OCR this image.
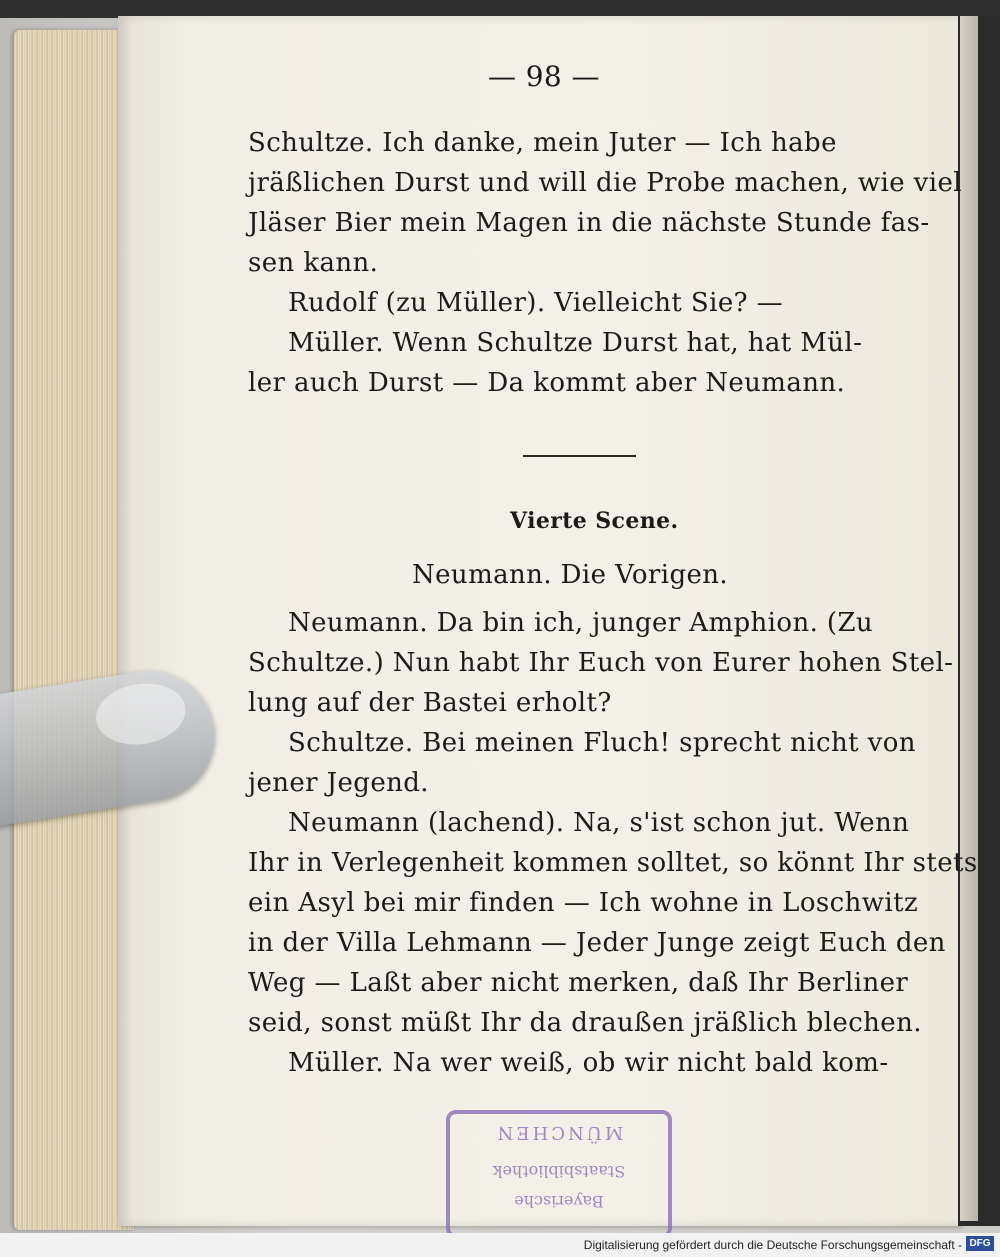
— 98 —
Schultze. Ich danke, mein Juter — Ich habe
jräßlichen Durst und will die Probe machen, wie viel
Jläser Bier mein Magen in die nächste Stunde fas-
sen kann.
Rudolf (zu Müller). Vielleicht Sie? —
Müller. Wenn Schultze Durst hat, hat Mül-
ler auch Durst — Da kommt aber Neumann.
Vierte Scene.
Neumann. Die Vorigen.
Neumann. Da bin ich, junger Amphion. (Zu
Schultze.) Nun habt Ihr Euch von Eurer hohen Stel-
lung auf der Bastei erholt?
Schultze. Bei meinen Fluch! sprecht nicht von
jener Jegend.
Neumann (lachend). Na, s'ist schon jut. Wenn
Ihr in Verlegenheit kommen solltet, so könnt Ihr stets
ein Asyl bei mir finden — Ich wohne in Loschwitz
in der Villa Lehmann — Jeder Junge zeigt Euch den
Weg — Laßt aber nicht merken, daß Ihr Berliner
seid, sonst müßt Ihr da draußen jräßlich blechen.
Müller. Na wer weiß, ob wir nicht bald kom-
Bayerische
Staatsbibliothek
MÜNCHEN
Digitalisierung gefördert durch die Deutsche Forschungsgemeinschaft - DFG
